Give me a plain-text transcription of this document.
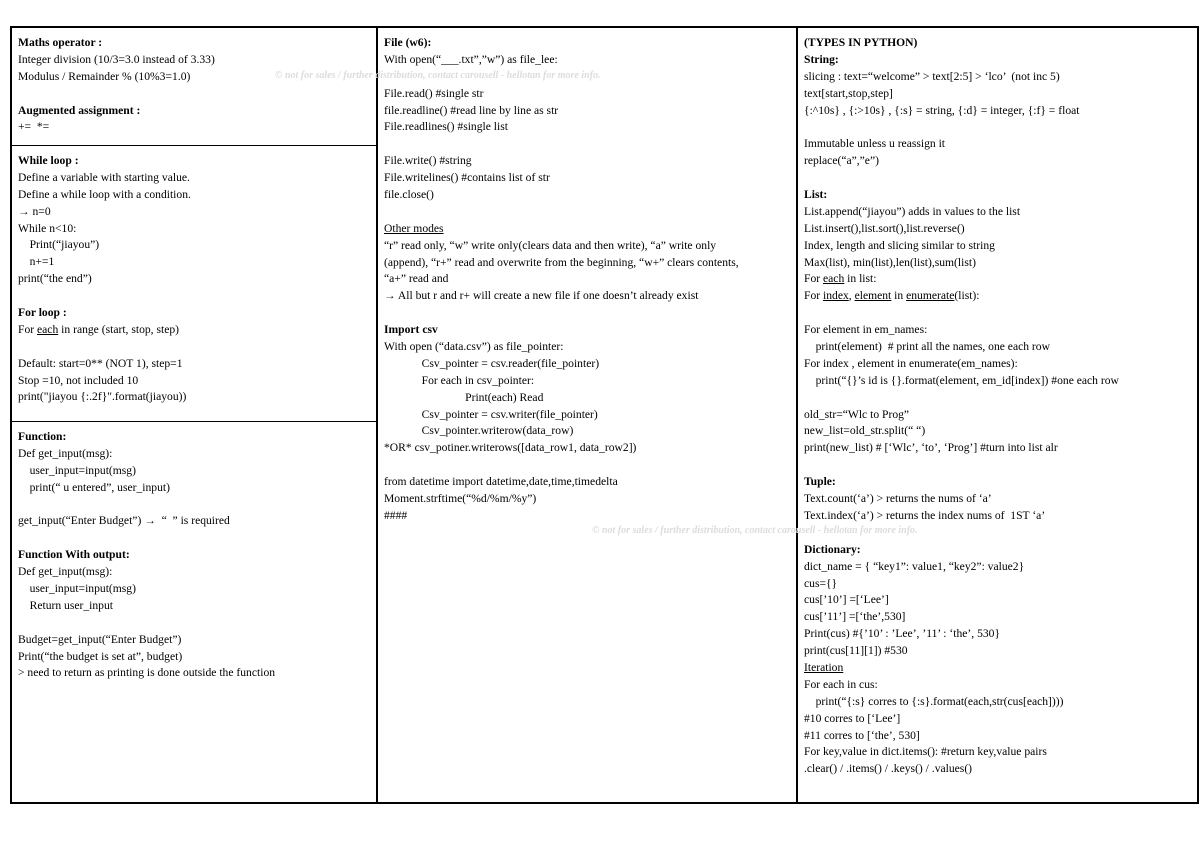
Maths operator :
Integer division (10/3=3.0 instead of 3.33)
Modulus / Remainder % (10%3=1.0)
Augmented assignment :
+=  *=
While loop :
Define a variable with starting value.
Define a while loop with a condition.
→ n=0
While n<10:
Print(“jiayou”)
n+=1
print(“the end”)
For loop :
For each in range (start, stop, step)
Default: start=0** (NOT 1), step=1
Stop =10, not included 10
print("jiayou {:.2f}".format(jiayou))
Function:
Def get_input(msg):
user_input=input(msg)
print(“ u entered”, user_input)
get_input(“Enter Budget”) →  “  ” is required
Function With output:
Def get_input(msg):
user_input=input(msg)
Return user_input
Budget=get_input(“Enter Budget”)
Print(“the budget is set at”, budget)
> need to return as printing is done outside the function
File (w6):
With open(“___.txt”,”w”) as file_lee:
File.read() #single str
file.readline() #read line by line as str
File.readlines() #single list
File.write() #string
File.writelines() #contains list of str
file.close()
Other modes
“r” read only, “w” write only(clears data and then write), “a” write only
(append), “r+” read and overwrite from the beginning, “w+” clears contents,
“a+” read and
→ All but r and r+ will create a new file if one doesn’t already exist
Import csv
With open (“data.csv”) as file_pointer:
Csv_pointer = csv.reader(file_pointer)
For each in csv_pointer:
Print(each) Read
Csv_pointer = csv.writer(file_pointer)
Csv_pointer.writerow(data_row)
*OR* csv_potiner.writerows([data_row1, data_row2])
from datetime import datetime,date,time,timedelta
Moment.strftime(“%d/%m/%y”)
####
(TYPES IN PYTHON)
String:
slicing : text=“welcome” > text[2:5] > ‘lco’  (not inc 5)
text[start,stop,step]
{:^10s} , {:>10s} , {:s} = string, {:d} = integer, {:f} = float
Immutable unless u reassign it
replace(“a”,”e”)
List:
List.append(“jiayou”) adds in values to the list
List.insert(),list.sort(),list.reverse()
Index, length and slicing similar to string
Max(list), min(list),len(list),sum(list)
For each in list:
For index, element in enumerate(list):
For element in em_names:
print(element)  # print all the names, one each row
For index , element in enumerate(em_names):
print(“{}’s id is {}.format(element, em_id[index]) #one each row
old_str=“Wlc to Prog”
new_list=old_str.split(“ “)
print(new_list) # [‘Wlc’, ‘to’, ‘Prog’] #turn into list alr
Tuple:
Text.count(‘a’) > returns the nums of ‘a’
Text.index(‘a’) > returns the index nums of  1ST ‘a’
Dictionary:
dict_name = { “key1”: value1, “key2”: value2}
cus={}
cus[’10’] =[‘Lee’]
cus[’11’] =[‘the’,530]
Print(cus) #{’10’ : ’Lee’, ’11’ : ‘the’, 530}
print(cus[11][1]) #530
Iteration
For each in cus:
print(“{:s} corres to {:s}.format(each,str(cus[each])))
#10 corres to [‘Lee’]
#11 corres to [‘the’, 530]
For key,value in dict.items(): #return key,value pairs
.clear() / .items() / .keys() / .values()
© not for sales / further distribution, contact carousell - hellotan for more info.
© not for sales / further distribution, contact carousell - hellotan for more info.
